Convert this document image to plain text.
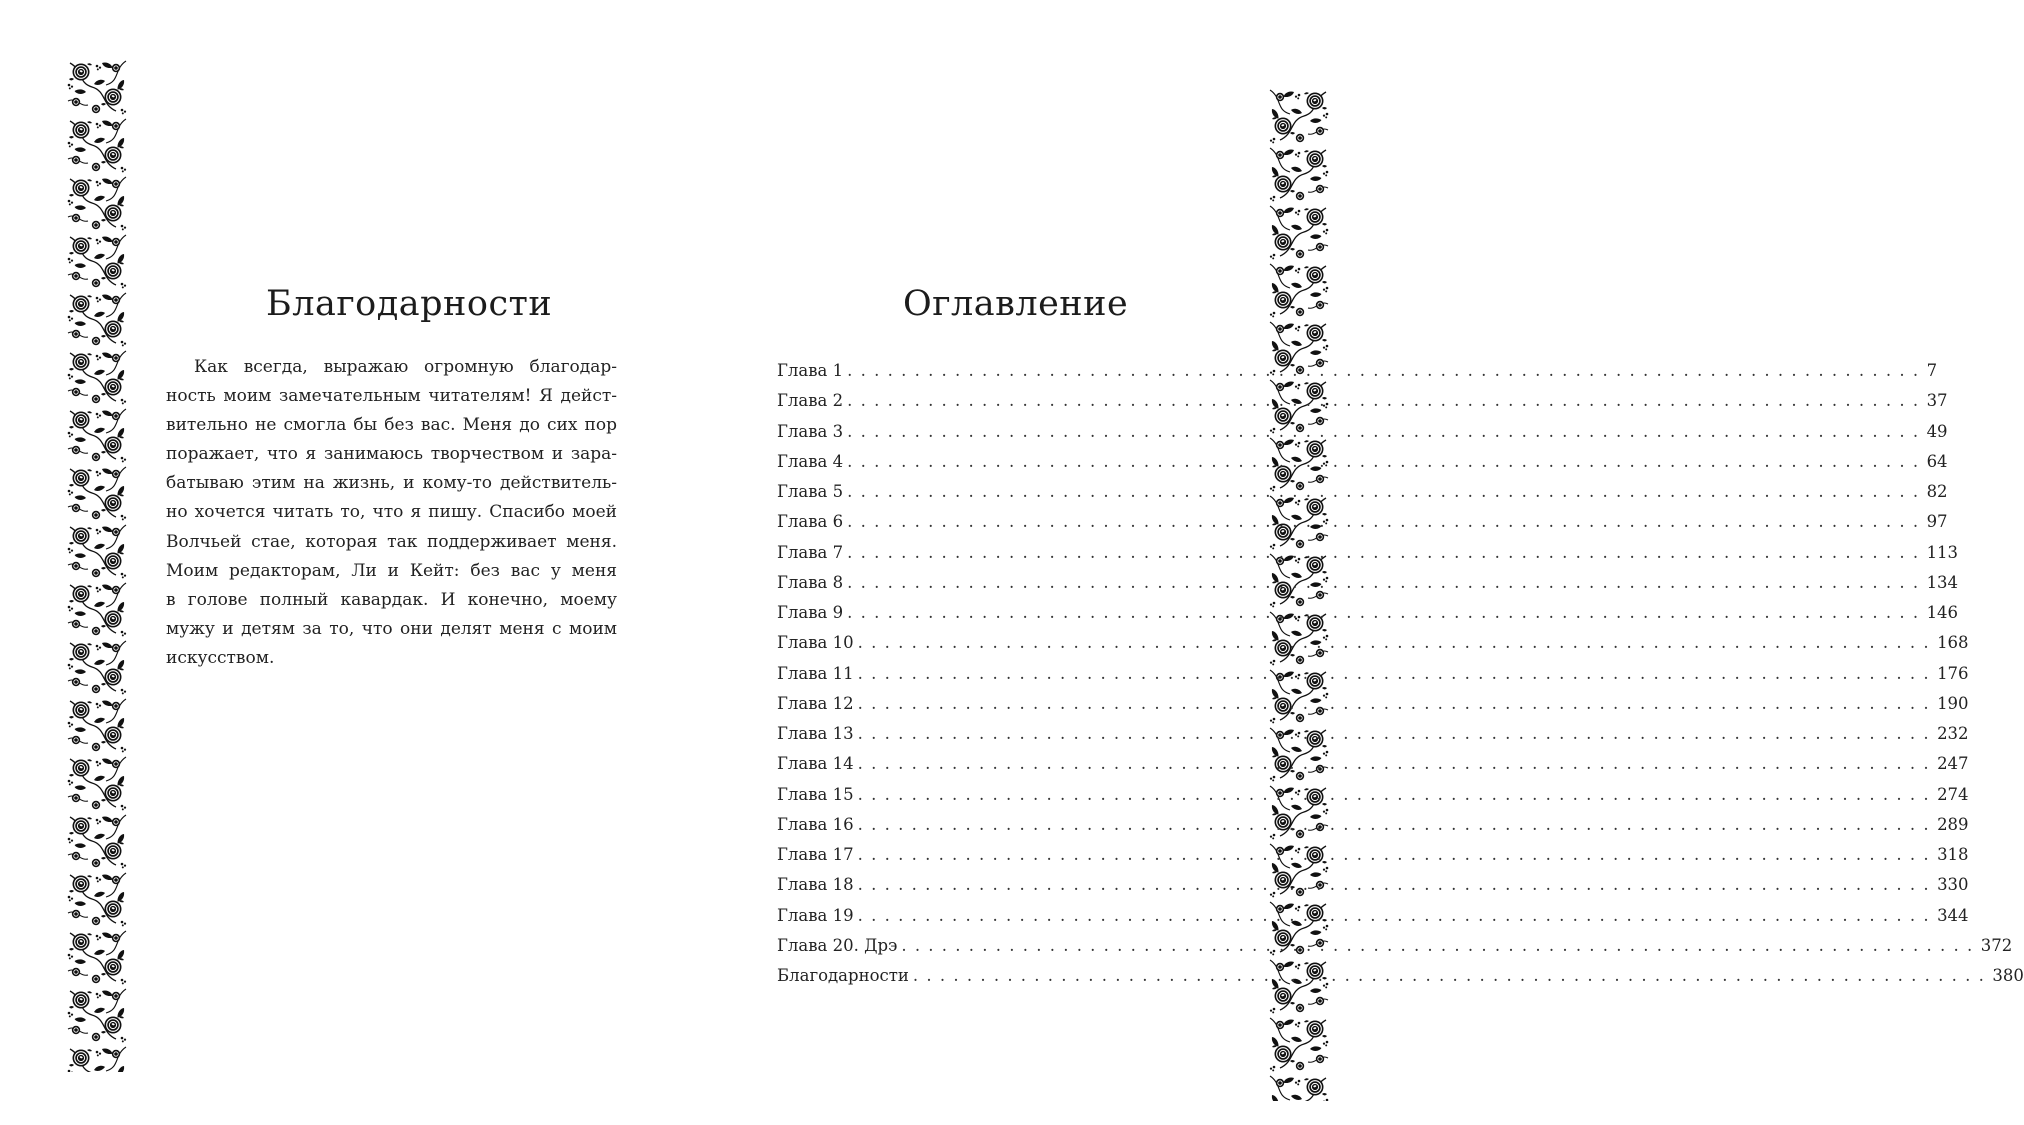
Благодарности
Как всегда, выражаю огромную благодар-
ность моим замечательным читателям! Я дейст-
вительно не смогла бы без вас. Меня до сих пор
поражает, что я занимаюсь творчеством и зара-
батываю этим на жизнь, и кому-то действитель-
но хочется читать то, что я пишу. Спасибо моей
Волчьей стае, которая так поддерживает меня.
Моим редакторам, Ли и Кейт: без вас у меня
в голове полный кавардак. И конечно, моему
мужу и детям за то, что они делят меня с моим
искусством.
Оглавление
Глава 1 . . . . . . . . . . . . . . . . . . . . . . . . . . . . . . . . . . . . . . . . . . . . . . . . . . . . . . . . . . . . . . . . . . . . . . . . . . . . . . . . 7
Глава 2 . . . . . . . . . . . . . . . . . . . . . . . . . . . . . . . . . . . . . . . . . . . . . . . . . . . . . . . . . . . . . . . . . . . . . . . . . . . . . . . . 37
Глава 3 . . . . . . . . . . . . . . . . . . . . . . . . . . . . . . . . . . . . . . . . . . . . . . . . . . . . . . . . . . . . . . . . . . . . . . . . . . . . . . . . 49
Глава 4 . . . . . . . . . . . . . . . . . . . . . . . . . . . . . . . . . . . . . . . . . . . . . . . . . . . . . . . . . . . . . . . . . . . . . . . . . . . . . . . . 64
Глава 5 . . . . . . . . . . . . . . . . . . . . . . . . . . . . . . . . . . . . . . . . . . . . . . . . . . . . . . . . . . . . . . . . . . . . . . . . . . . . . . . . 82
Глава 6 . . . . . . . . . . . . . . . . . . . . . . . . . . . . . . . . . . . . . . . . . . . . . . . . . . . . . . . . . . . . . . . . . . . . . . . . . . . . . . . . 97
Глава 7 . . . . . . . . . . . . . . . . . . . . . . . . . . . . . . . . . . . . . . . . . . . . . . . . . . . . . . . . . . . . . . . . . . . . . . . . . . . . . . . . 113
Глава 8 . . . . . . . . . . . . . . . . . . . . . . . . . . . . . . . . . . . . . . . . . . . . . . . . . . . . . . . . . . . . . . . . . . . . . . . . . . . . . . . . 134
Глава 9 . . . . . . . . . . . . . . . . . . . . . . . . . . . . . . . . . . . . . . . . . . . . . . . . . . . . . . . . . . . . . . . . . . . . . . . . . . . . . . . . 146
Глава 10 . . . . . . . . . . . . . . . . . . . . . . . . . . . . . . . . . . . . . . . . . . . . . . . . . . . . . . . . . . . . . . . . . . . . . . . . . . . . . . . . 168
Глава 11 . . . . . . . . . . . . . . . . . . . . . . . . . . . . . . . . . . . . . . . . . . . . . . . . . . . . . . . . . . . . . . . . . . . . . . . . . . . . . . . . 176
Глава 12 . . . . . . . . . . . . . . . . . . . . . . . . . . . . . . . . . . . . . . . . . . . . . . . . . . . . . . . . . . . . . . . . . . . . . . . . . . . . . . . . 190
Глава 13 . . . . . . . . . . . . . . . . . . . . . . . . . . . . . . . . . . . . . . . . . . . . . . . . . . . . . . . . . . . . . . . . . . . . . . . . . . . . . . . . 232
Глава 14 . . . . . . . . . . . . . . . . . . . . . . . . . . . . . . . . . . . . . . . . . . . . . . . . . . . . . . . . . . . . . . . . . . . . . . . . . . . . . . . . 247
Глава 15 . . . . . . . . . . . . . . . . . . . . . . . . . . . . . . . . . . . . . . . . . . . . . . . . . . . . . . . . . . . . . . . . . . . . . . . . . . . . . . . . 274
Глава 16 . . . . . . . . . . . . . . . . . . . . . . . . . . . . . . . . . . . . . . . . . . . . . . . . . . . . . . . . . . . . . . . . . . . . . . . . . . . . . . . . 289
Глава 17 . . . . . . . . . . . . . . . . . . . . . . . . . . . . . . . . . . . . . . . . . . . . . . . . . . . . . . . . . . . . . . . . . . . . . . . . . . . . . . . . 318
Глава 18 . . . . . . . . . . . . . . . . . . . . . . . . . . . . . . . . . . . . . . . . . . . . . . . . . . . . . . . . . . . . . . . . . . . . . . . . . . . . . . . . 330
Глава 19 . . . . . . . . . . . . . . . . . . . . . . . . . . . . . . . . . . . . . . . . . . . . . . . . . . . . . . . . . . . . . . . . . . . . . . . . . . . . . . . . 344
Глава 20. Дрэ . . . . . . . . . . . . . . . . . . . . . . . . . . . . . . . . . . . . . . . . . . . . . . . . . . . . . . . . . . . . . . . . . . . . . . . . . . . . . . . . 372
Благодарности . . . . . . . . . . . . . . . . . . . . . . . . . . . . . . . . . . . . . . . . . . . . . . . . . . . . . . . . . . . . . . . . . . . . . . . . . . . . . . . . 380
